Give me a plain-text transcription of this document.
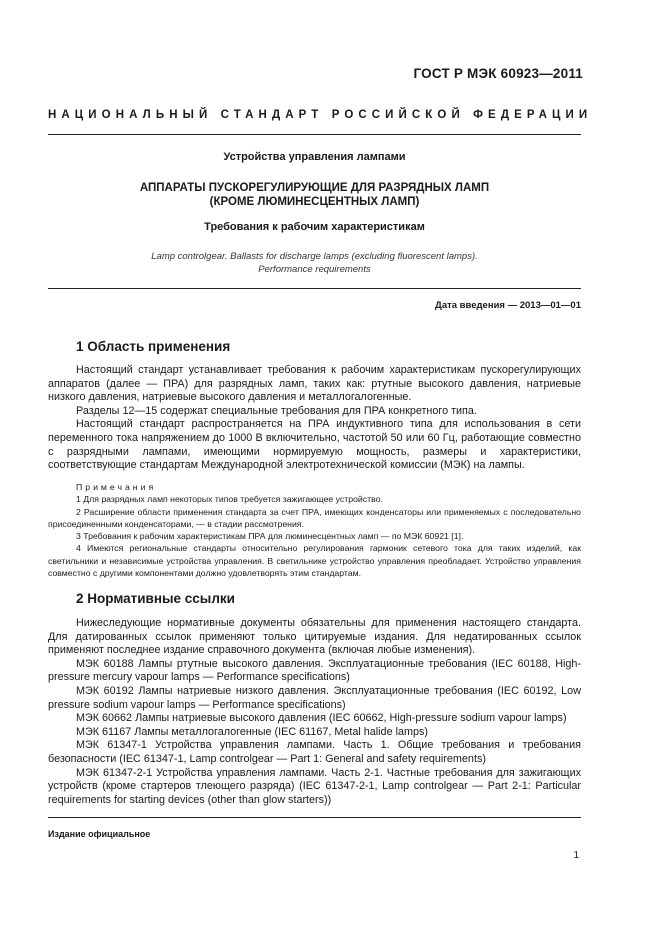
ГОСТ Р МЭК 60923—2011
НАЦИОНАЛЬНЫЙ СТАНДАРТ РОССИЙСКОЙ ФЕДЕРАЦИИ
Устройства управления лампами
АППАРАТЫ ПУСКОРЕГУЛИРУЮЩИЕ ДЛЯ РАЗРЯДНЫХ ЛАМП
(КРОМЕ ЛЮМИНЕСЦЕНТНЫХ ЛАМП)
Требования к рабочим характеристикам
Lamp controlgear. Ballasts for discharge lamps (excluding fluorescent lamps).
Performance requirements
Дата введения — 2013—01—01
1 Область применения

Настоящий стандарт устанавливает требования к рабочим характеристикам пускорегулирующих аппаратов (далее — ПРА) для разрядных ламп, таких как: ртутные высокого давления, натриевые низкого давления, натриевые высокого давления и металлогалогенные.

Разделы 12—15 содержат специальные требования для ПРА конкретного типа.

Настоящий стандарт распространяется на ПРА индуктивного типа для использования в сети переменного тока напряжением до 1000 В включительно, частотой 50 или 60 Гц, работающие совместно с разрядными лампами, имеющими нормируемую мощность, размеры и характеристики, соответствующие стандартам Международной электротехнической комиссии (МЭК) на лампы.

Примечания

1 Для разрядных ламп некоторых типов требуется зажигающее устройство.

2 Расширение области применения стандарта за счет ПРА, имеющих конденсаторы или применяемых с последовательно присоединенными конденсаторами, — в стадии рассмотрения.

3 Требования к рабочим характеристикам ПРА для люминесцентных ламп — по МЭК 60921 [1].

4 Имеются региональные стандарты относительно регулирования гармоник сетевого тока для таких изделий, как светильники и независимые устройства управления. В светильнике устройство управления преобладает. Устройство управления совместно с другими компонентами должно удовлетворять этим стандартам.

2 Нормативные ссылки

Нижеследующие нормативные документы обязательны для применения настоящего стандарта. Для датированных ссылок применяют только цитируемые издания. Для недатированных ссылок применяют последнее издание справочного документа (включая любые изменения).

МЭК 60188 Лампы ртутные высокого давления. Эксплуатационные требования (IEC 60188, High-pressure mercury vapour lamps — Performance specifications)

МЭК 60192 Лампы натриевые низкого давления. Эксплуатационные требования (IEC 60192, Low pressure sodium vapour lamps — Performance specifications)

МЭК 60662 Лампы натриевые высокого давления (IEC 60662, High-pressure sodium vapour lamps)

МЭК 61167 Лампы металлогалогенные (IEC 61167, Metal halide lamps)

МЭК 61347-1 Устройства управления лампами. Часть 1. Общие требования и требования безопасности (IEC 61347-1, Lamp controlgear — Part 1: General and safety requirements)

МЭК 61347-2-1 Устройства управления лампами. Часть 2-1. Частные требования для зажигающих устройств (кроме стартеров тлеющего разряда) (IEC 61347-2-1, Lamp controlgear — Part 2-1: Particular requirements for starting devices (other than glow starters))

Издание официальное
1
